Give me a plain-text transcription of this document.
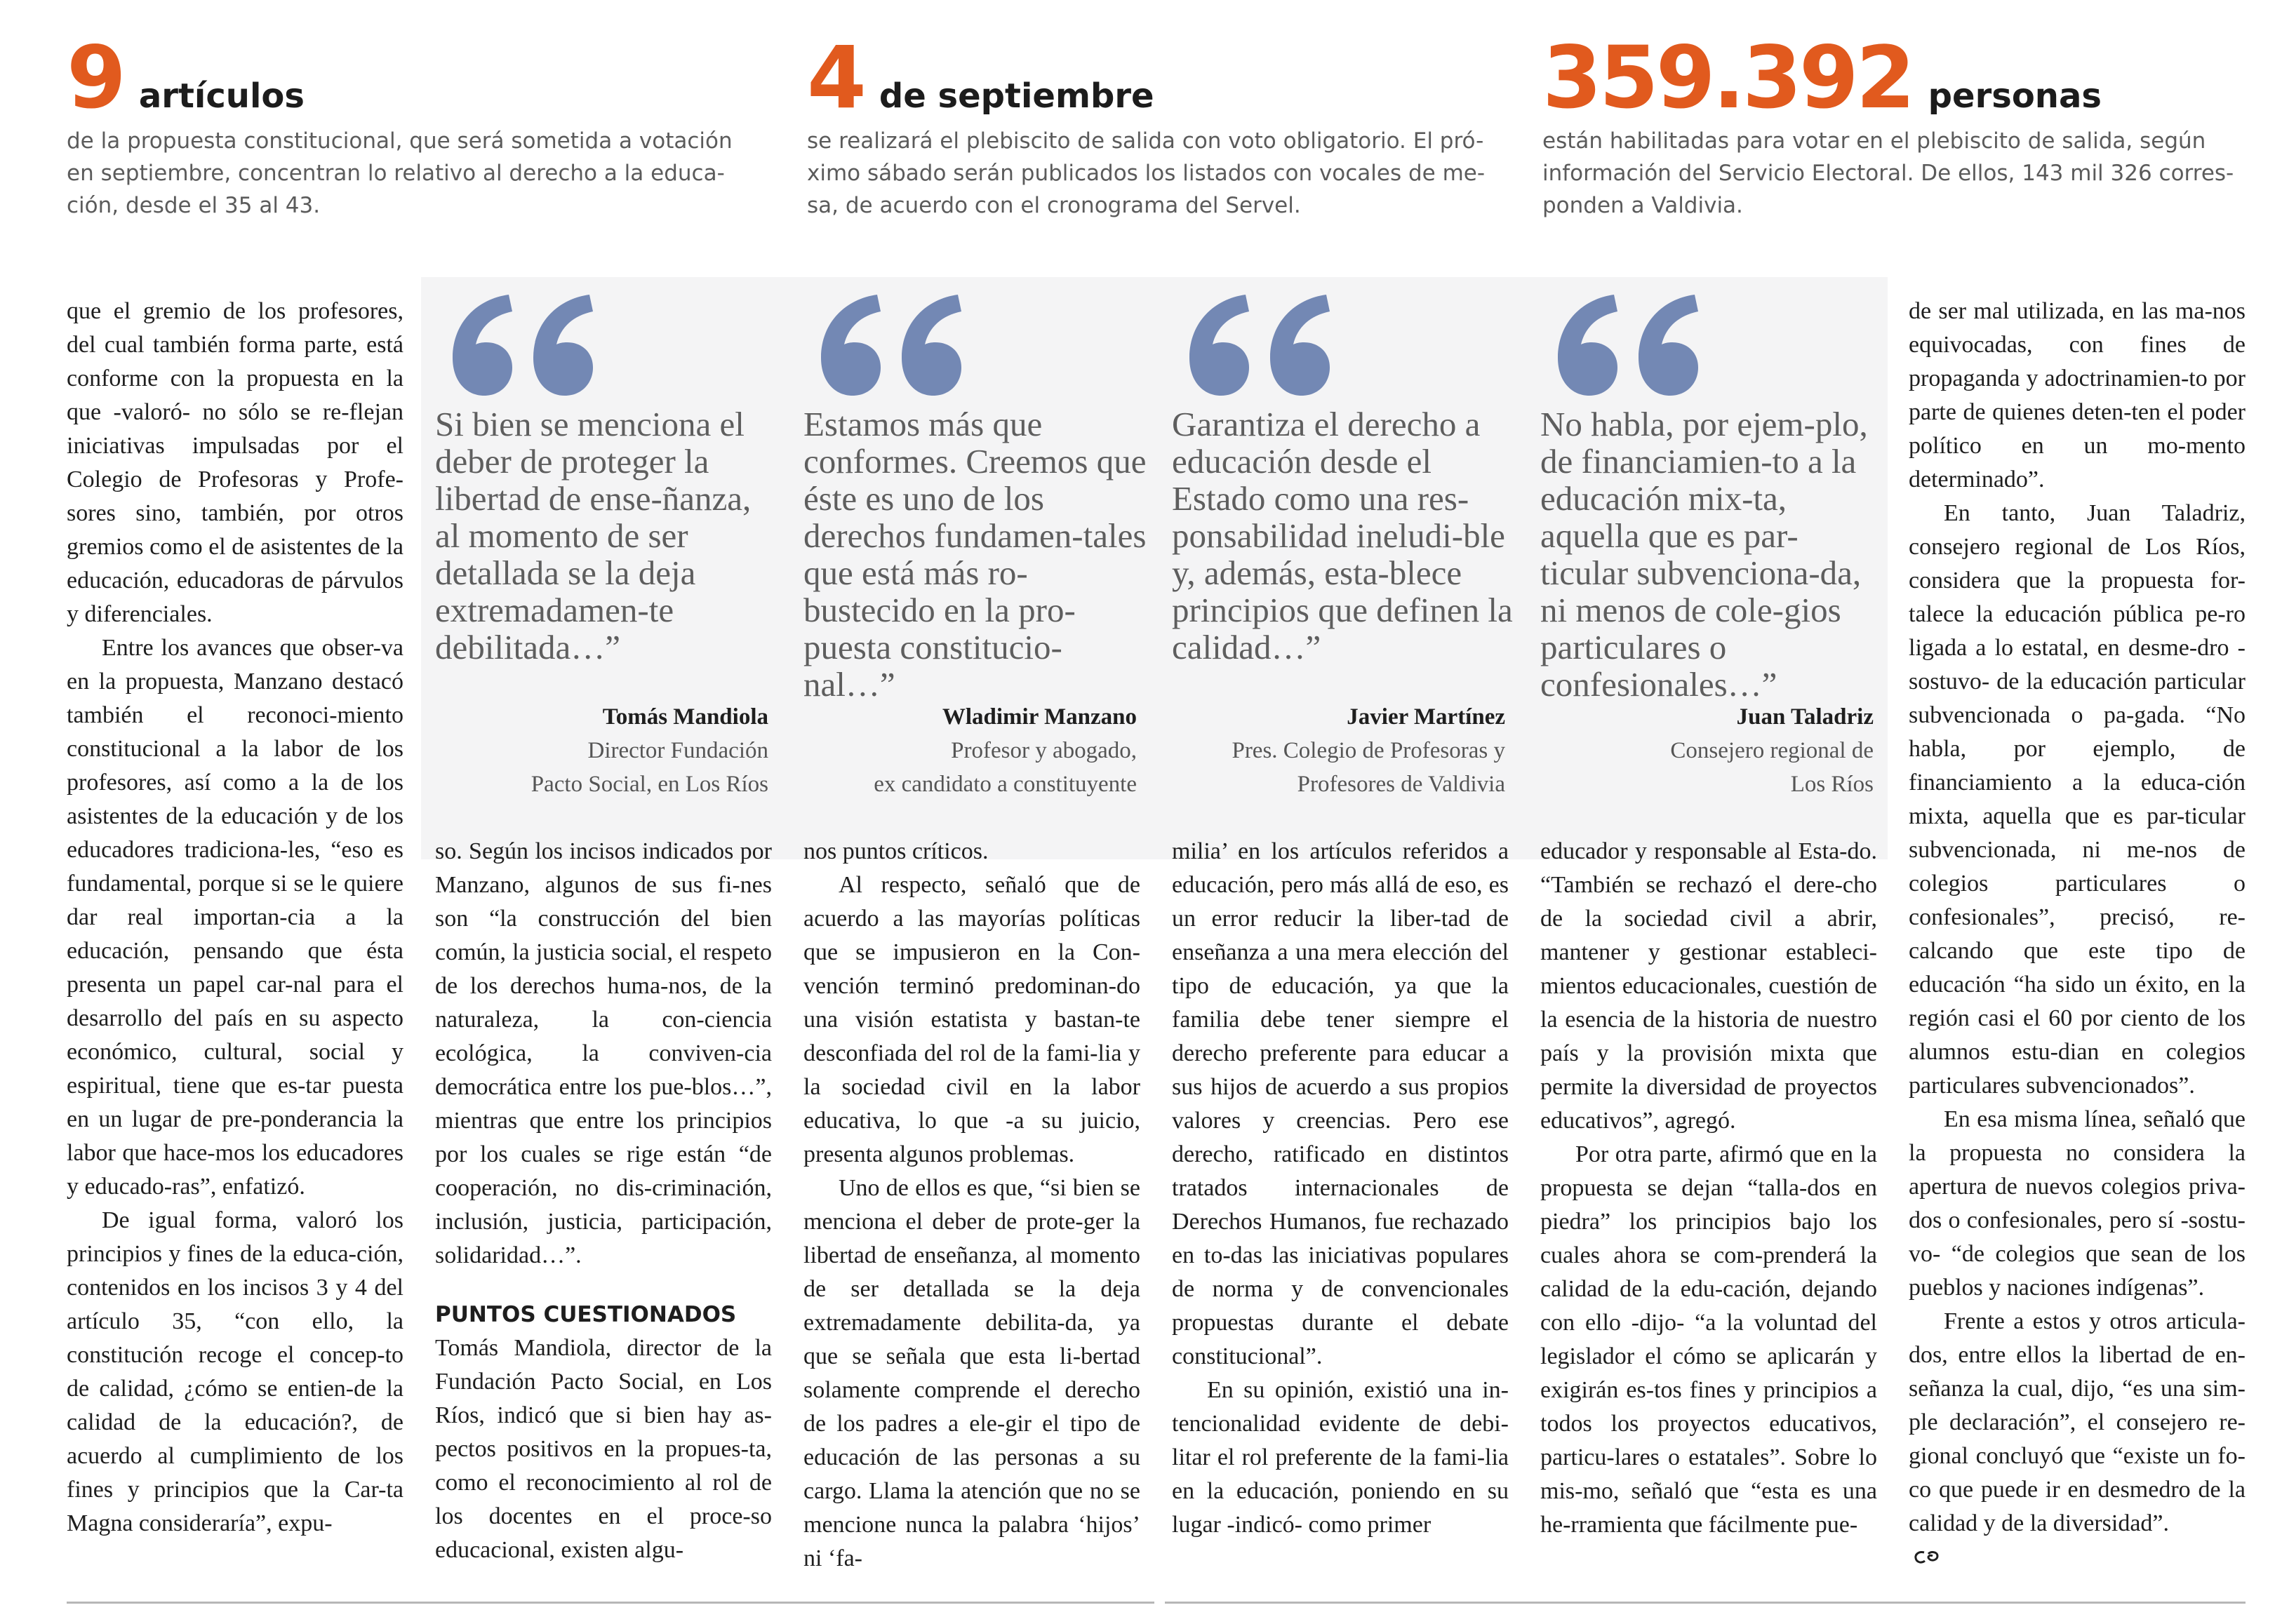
9 artículos
de la propuesta constitucional, que será sometida a votación en septiembre, concentran lo relativo al derecho a la educa-ción, desde el 35 al 43.
4 de septiembre
se realizará el plebiscito de salida con voto obligatorio. El pró-ximo sábado serán publicados los listados con vocales de me-sa, de acuerdo con el cronograma del Servel.
359.392 personas
están habilitadas para votar en el plebiscito de salida, según información del Servicio Electoral. De ellos, 143 mil 326 corres-ponden a Valdivia.
Si bien se menciona el deber de proteger la libertad de ense-ñanza, al momento de ser detallada se la deja extremadamen-te debilitada…”
Estamos más que conformes. Creemos que éste es uno de los derechos fundamen-tales que está más ro-bustecido en la pro-puesta constitucio-nal…”
Garantiza el derecho a educación desde el Estado como una res-ponsabilidad ineludi-ble y, además, esta-blece principios que definen la calidad…”
No habla, por ejem-plo, de financiamien-to a la educación mix-ta, aquella que es par-ticular subvenciona-da, ni menos de cole-gios particulares o confesionales…”
Tomás Mandiola
Director Fundación
Pacto Social, en Los Ríos
Wladimir Manzano
Profesor y abogado,
ex candidato a constituyente
Javier Martínez
Pres. Colegio de Profesoras y
Profesores de Valdivia
Juan Taladriz
Consejero regional de
Los Ríos

que el gremio de los profesores, del cual también forma parte, está conforme con la propuesta en la que -valoró- no sólo se re-flejan iniciativas impulsadas por el Colegio de Profesoras y Profe-sores sino, también, por otros gremios como el de asistentes de la educación, educadoras de párvulos y diferenciales.

Entre los avances que obser-va en la propuesta, Manzano destacó también el reconoci-miento constitucional a la labor de los profesores, así como a la de los asistentes de la educación y de los educadores tradiciona-les, “eso es fundamental, porque si se le quiere dar real importan-cia a la educación, pensando que ésta presenta un papel car-nal para el desarrollo del país en su aspecto económico, cultural, social y espiritual, tiene que es-tar puesta en un lugar de pre-ponderancia la labor que hace-mos los educadores y educado-ras”, enfatizó.

De igual forma, valoró los principios y fines de la educa-ción, contenidos en los incisos 3 y 4 del artículo 35, “con ello, la constitución recoge el concep-to de calidad, ¿cómo se entien-de la calidad de la educación?, de acuerdo al cumplimiento de los fines y principios que la Car-ta Magna consideraría”, expu-

so. Según los incisos indicados por Manzano, algunos de sus fi-nes son “la construcción del bien común, la justicia social, el respeto de los derechos huma-nos, de la naturaleza, la con-ciencia ecológica, la conviven-cia democrática entre los pue-blos…”, mientras que entre los principios por los cuales se rige están “de cooperación, no dis-criminación, inclusión, justicia, participación, solidaridad…”.

PUNTOS CUESTIONADOS

Tomás Mandiola, director de la Fundación Pacto Social, en Los Ríos, indicó que si bien hay as-pectos positivos en la propues-ta, como el reconocimiento al rol de los docentes en el proce-so educacional, existen algu-

nos puntos críticos.

Al respecto, señaló que de acuerdo a las mayorías políticas que se impusieron en la Con-vención terminó predominan-do una visión estatista y bastan-te desconfiada del rol de la fami-lia y la sociedad civil en la labor educativa, lo que -a su juicio, presenta algunos problemas.

Uno de ellos es que, “si bien se menciona el deber de prote-ger la libertad de enseñanza, al momento de ser detallada se la deja extremadamente debilita-da, ya que se señala que esta li-bertad solamente comprende el derecho de los padres a ele-gir el tipo de educación de las personas a su cargo. Llama la atención que no se mencione nunca la palabra ‘hijos’ ni ‘fa-

milia’ en los artículos referidos a educación, pero más allá de eso, es un error reducir la liber-tad de enseñanza a una mera elección del tipo de educación, ya que la familia debe tener siempre el derecho preferente para educar a sus hijos de acuerdo a sus propios valores y creencias. Pero ese derecho, ratificado en distintos tratados internacionales de Derechos Humanos, fue rechazado en to-das las iniciativas populares de norma y de convencionales propuestas durante el debate constitucional”.

En su opinión, existió una in-tencionalidad evidente de debi-litar el rol preferente de la fami-lia en la educación, poniendo en su lugar -indicó- como primer

educador y responsable al Esta-do. “También se rechazó el dere-cho de la sociedad civil a abrir, mantener y gestionar estableci-mientos educacionales, cuestión de la esencia de la historia de nuestro país y la provisión mixta que permite la diversidad de proyectos educativos”, agregó.

Por otra parte, afirmó que en la propuesta se dejan “talla-dos en piedra” los principios bajo los cuales ahora se com-prenderá la calidad de la edu-cación, dejando con ello -dijo- “a la voluntad del legislador el cómo se aplicarán y exigirán es-tos fines y principios a todos los proyectos educativos, particu-lares o estatales”. Sobre lo mis-mo, señaló que “esta es una he-rramienta que fácilmente pue-

de ser mal utilizada, en las ma-nos equivocadas, con fines de propaganda y adoctrinamien-to por parte de quienes deten-ten el poder político en un mo-mento determinado”.

En tanto, Juan Taladriz, consejero regional de Los Ríos, considera que la propuesta for-talece la educación pública pe-ro ligada a lo estatal, en desme-dro -sostuvo- de la educación particular subvencionada o pa-gada. “No habla, por ejemplo, de financiamiento a la educa-ción mixta, aquella que es par-ticular subvencionada, ni me-nos de colegios particulares o confesionales”, precisó, re-calcando que este tipo de educación “ha sido un éxito, en la región casi el 60 por ciento de los alumnos estu-dian en colegios particulares subvencionados”.

En esa misma línea, señaló que la propuesta no considera la apertura de nuevos colegios priva-dos o confesionales, pero sí -sostu-vo- “de colegios que sean de los pueblos y naciones indígenas”.

Frente a estos y otros articula-dos, entre ellos la libertad de en-señanza la cual, dijo, “es una sim-ple declaración”, el consejero re-gional concluyó que “existe un fo-co que puede ir en desmedro de la calidad y de la diversidad”.
